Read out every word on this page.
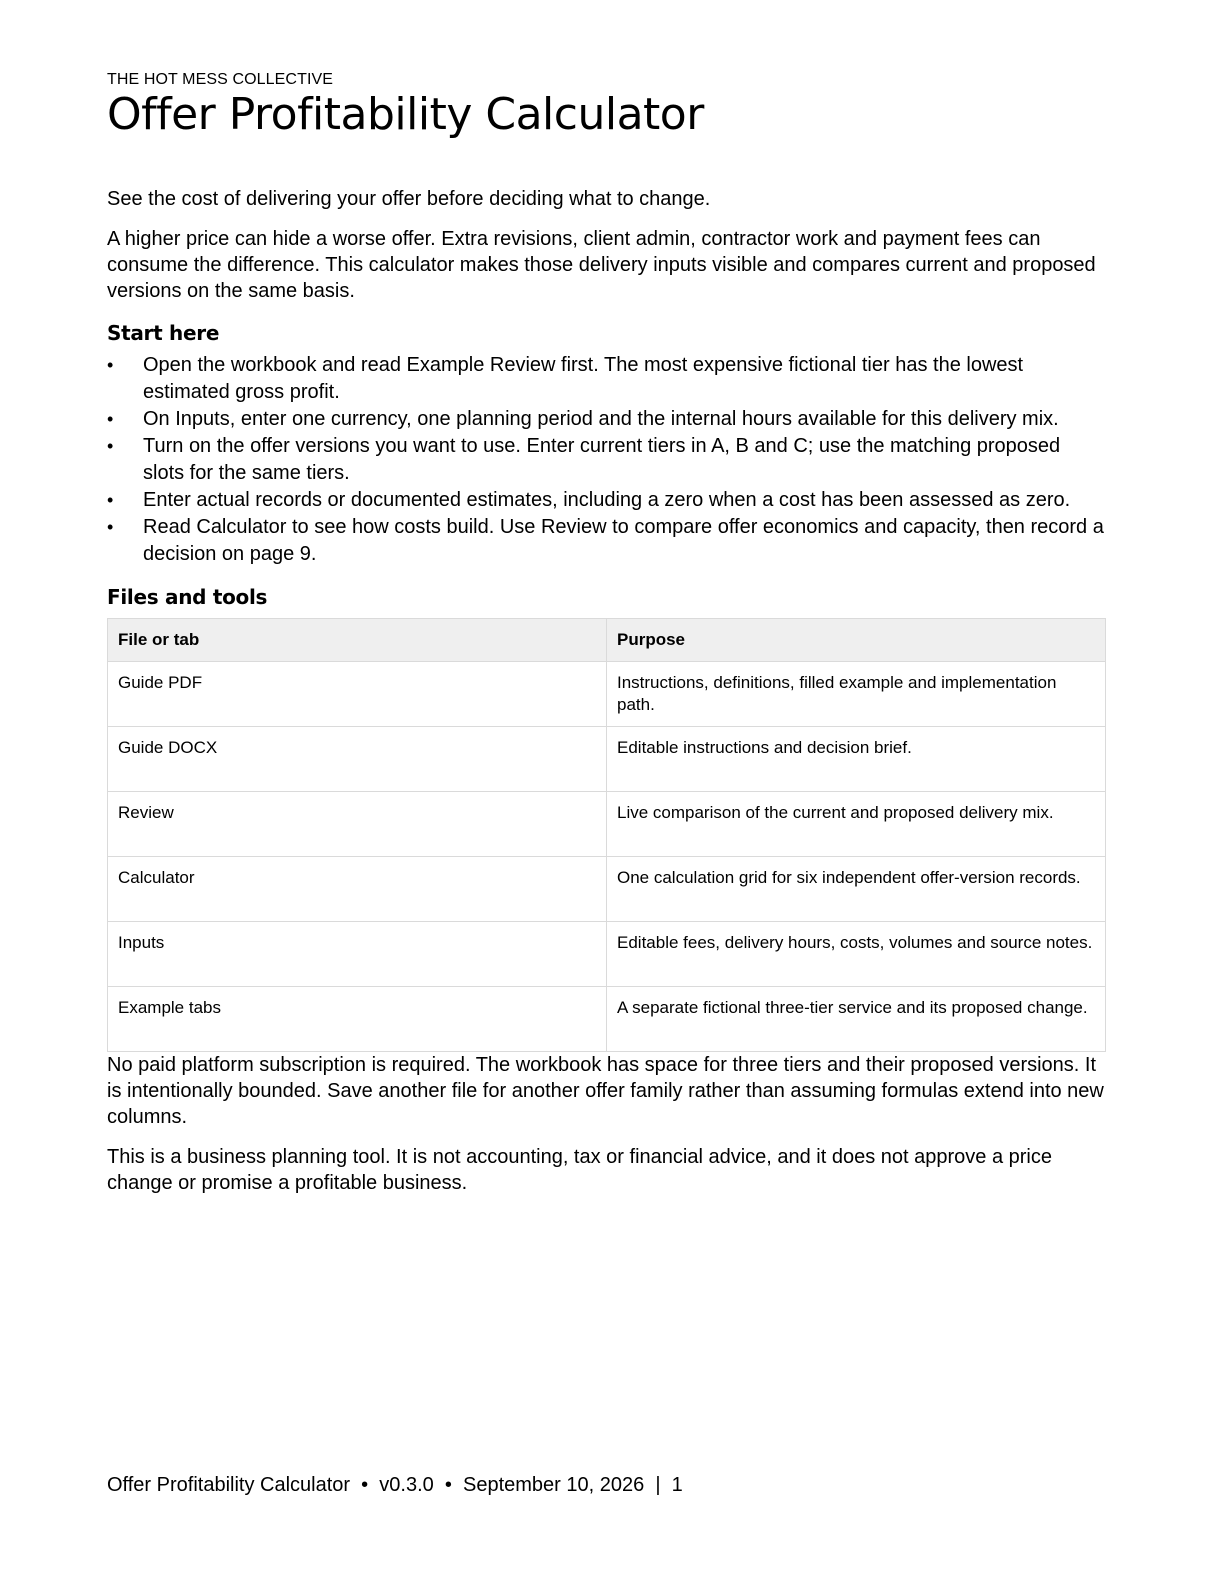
THE HOT MESS COLLECTIVE
Offer Profitability Calculator

See the cost of delivering your offer before deciding what to change.

A higher price can hide a worse offer. Extra revisions, client admin, contractor work and payment fees can consume the difference. This calculator makes those delivery inputs visible and compares current and proposed versions on the same basis.

Start here
•	Open the workbook and read Example Review first. The most expensive fictional tier has the lowest estimated gross profit.
•	On Inputs, enter one currency, one planning period and the internal hours available for this delivery mix.
•	Turn on the offer versions you want to use. Enter current tiers in A, B and C; use the matching proposed slots for the same tiers.
•	Enter actual records or documented estimates, including a zero when a cost has been assessed as zero.
•	Read Calculator to see how costs build. Use Review to compare offer economics and capacity, then record a decision on page 9.
Files and tools
File or tab	Purpose
Guide PDF	Instructions, definitions, filled example and implementation path.
Guide DOCX	Editable instructions and decision brief.
Review	Live comparison of the current and proposed delivery mix.
Calculator	One calculation grid for six independent offer-version records.
Inputs	Editable fees, delivery hours, costs, volumes and source notes.
Example tabs	A separate fictional three-tier service and its proposed change.

No paid platform subscription is required. The workbook has space for three tiers and their proposed versions. It is intentionally bounded. Save another file for another offer family rather than assuming formulas extend into new columns.

This is a business planning tool. It is not accounting, tax or financial advice, and it does not approve a price change or promise a profitable business.

Offer Profitability Calculator  •  v0.3.0  •  September 10, 2026  |  1
